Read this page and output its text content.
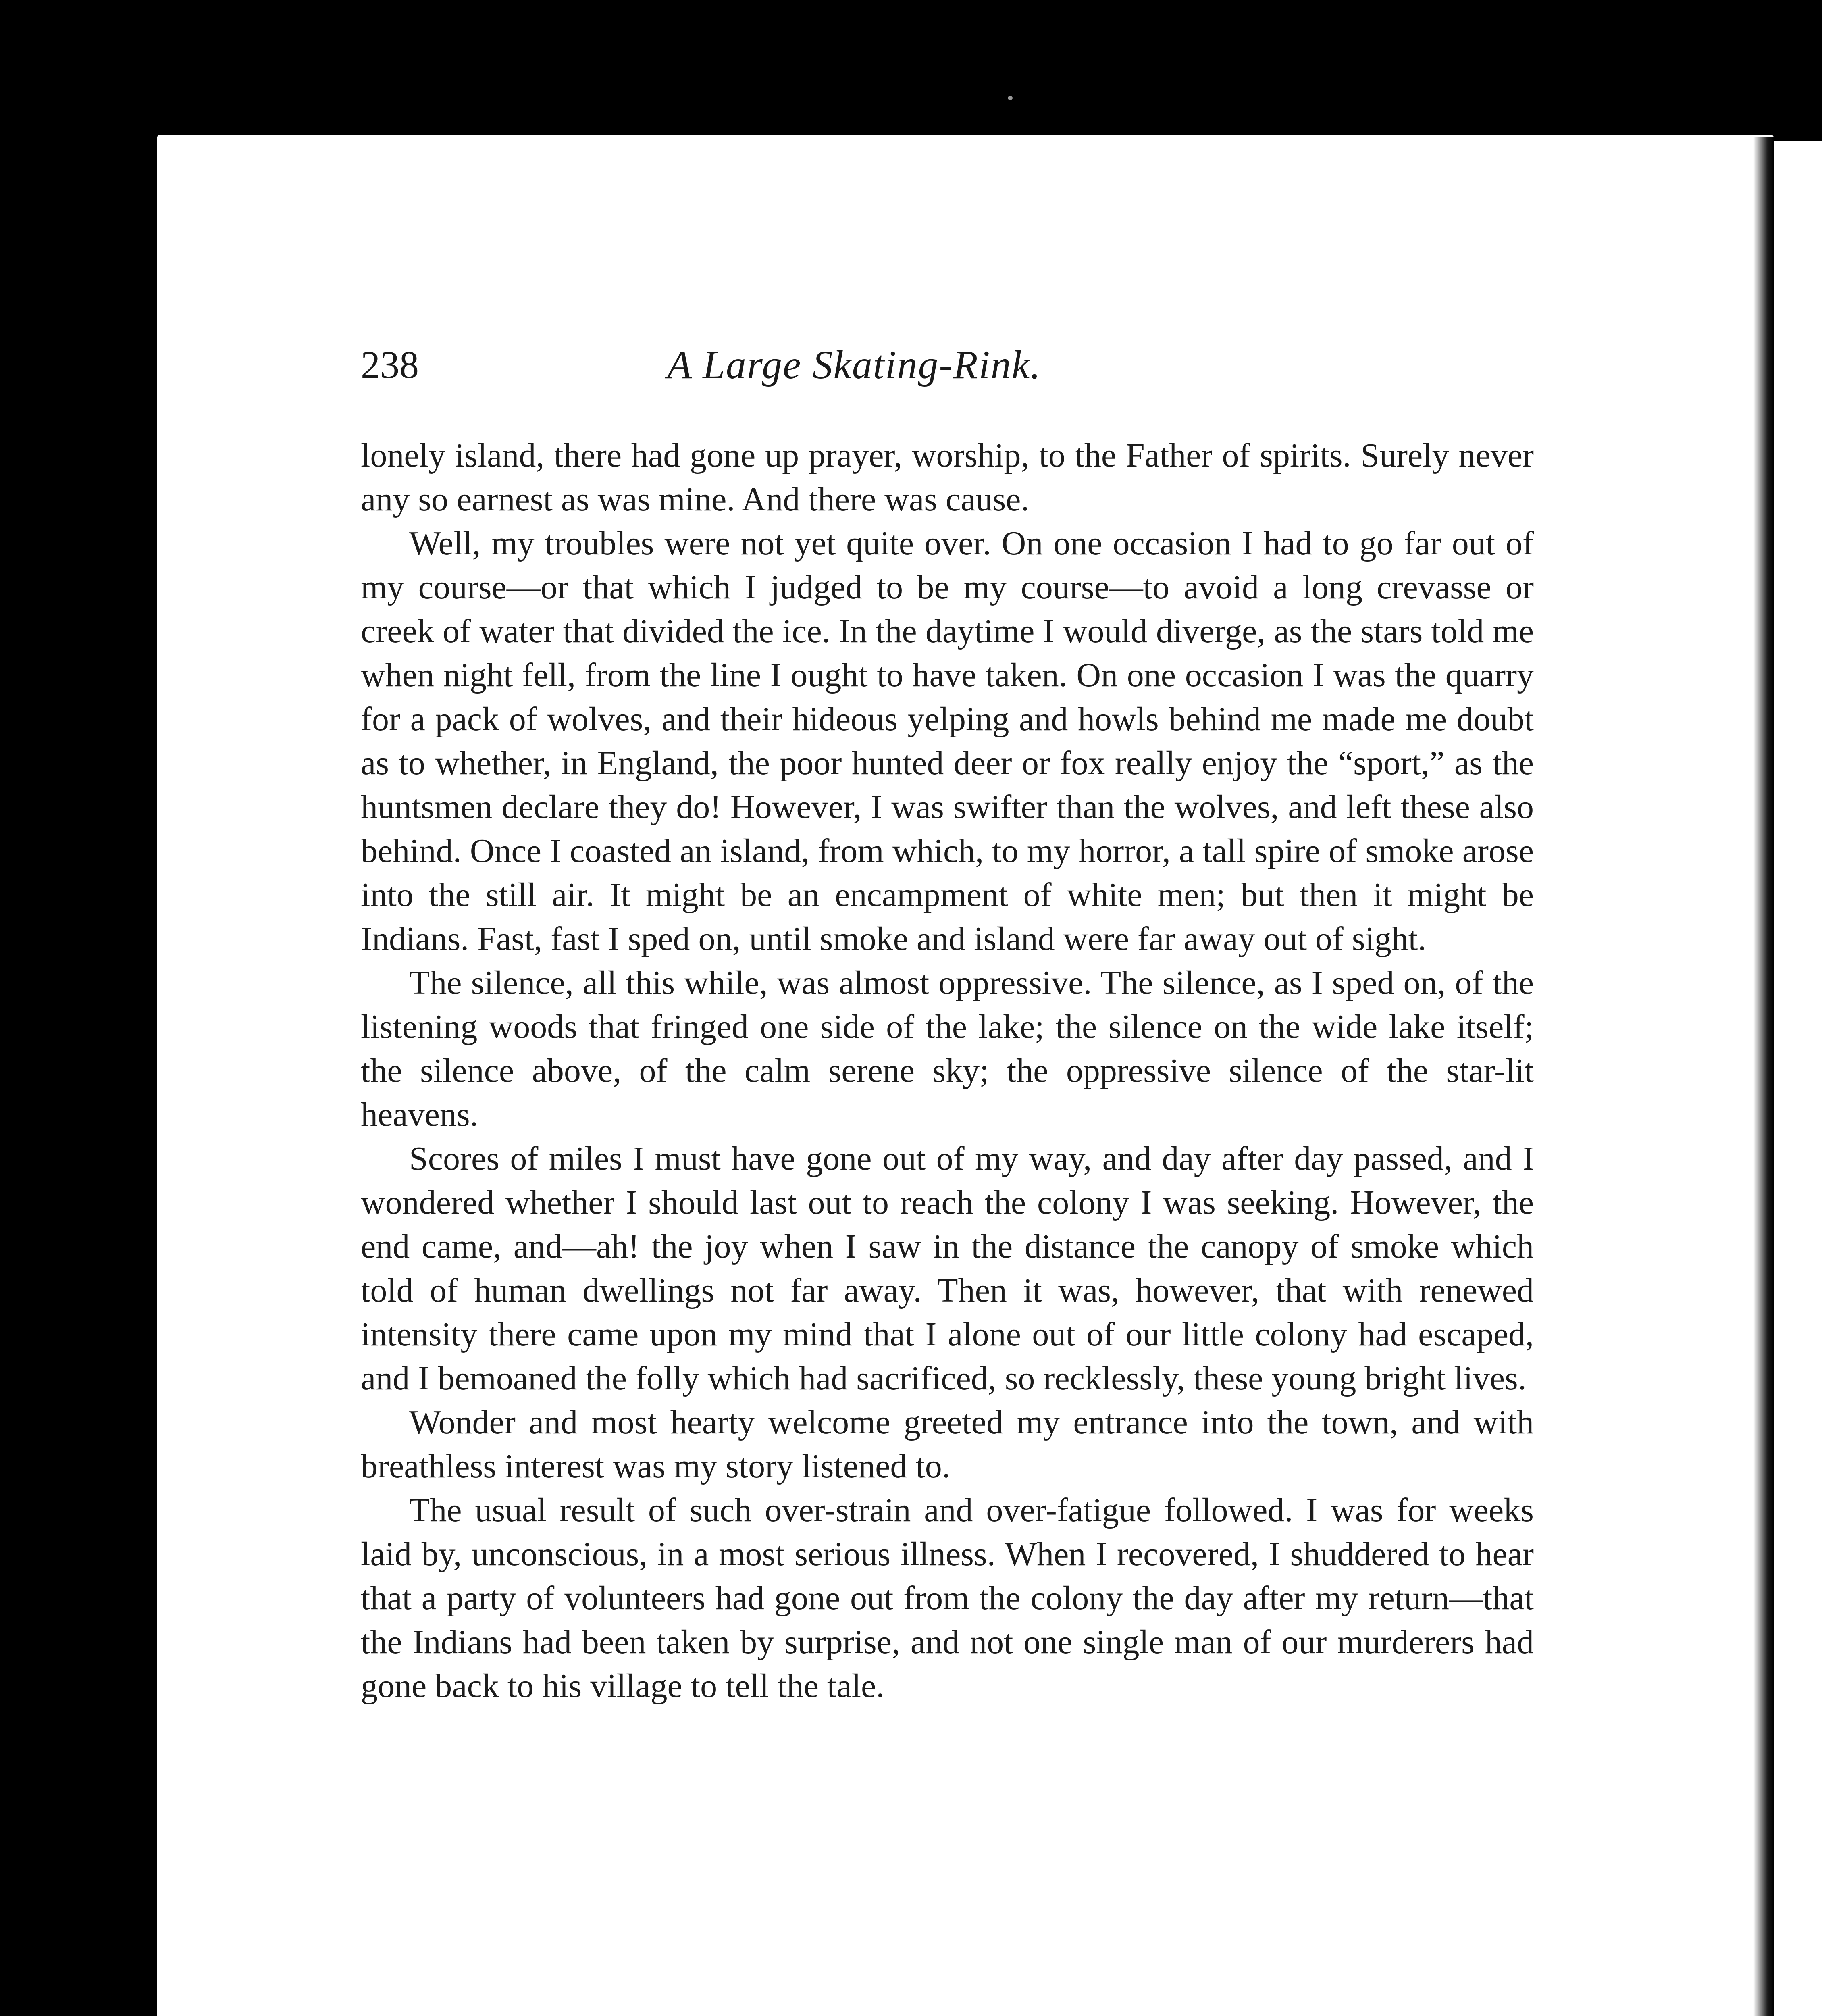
238	A Large Skating-Rink.

lonely island, there had gone up prayer, worship, to the Father of spirits. Surely never any so earnest as was mine. And there was cause.

Well, my troubles were not yet quite over. On one occasion I had to go far out of my course—or that which I judged to be my course—to avoid a long crevasse or creek of water that divided the ice. In the daytime I would diverge, as the stars told me when night fell, from the line I ought to have taken. On one occasion I was the quarry for a pack of wolves, and their hideous yelping and howls behind me made me doubt as to whether, in England, the poor hunted deer or fox really enjoy the “sport,” as the huntsmen declare they do! However, I was swifter than the wolves, and left these also behind. Once I coasted an island, from which, to my horror, a tall spire of smoke arose into the still air. It might be an encampment of white men; but then it might be Indians. Fast, fast I sped on, until smoke and island were far away out of sight.

The silence, all this while, was almost oppressive. The silence, as I sped on, of the listening woods that fringed one side of the lake; the silence on the wide lake itself; the silence above, of the calm serene sky; the oppressive silence of the star-lit heavens.

Scores of miles I must have gone out of my way, and day after day passed, and I wondered whether I should last out to reach the colony I was seeking. However, the end came, and—ah! the joy when I saw in the distance the canopy of smoke which told of human dwellings not far away. Then it was, however, that with renewed intensity there came upon my mind that I alone out of our little colony had escaped, and I bemoaned the folly which had sacrificed, so recklessly, these young bright lives.

Wonder and most hearty welcome greeted my entrance into the town, and with breathless interest was my story listened to.

The usual result of such over-strain and over-fatigue followed. I was for weeks laid by, unconscious, in a most serious illness. When I recovered, I shuddered to hear that a party of volunteers had gone out from the colony the day after my return—that the Indians had been taken by surprise, and not one single man of our murderers had gone back to his village to tell the tale.
